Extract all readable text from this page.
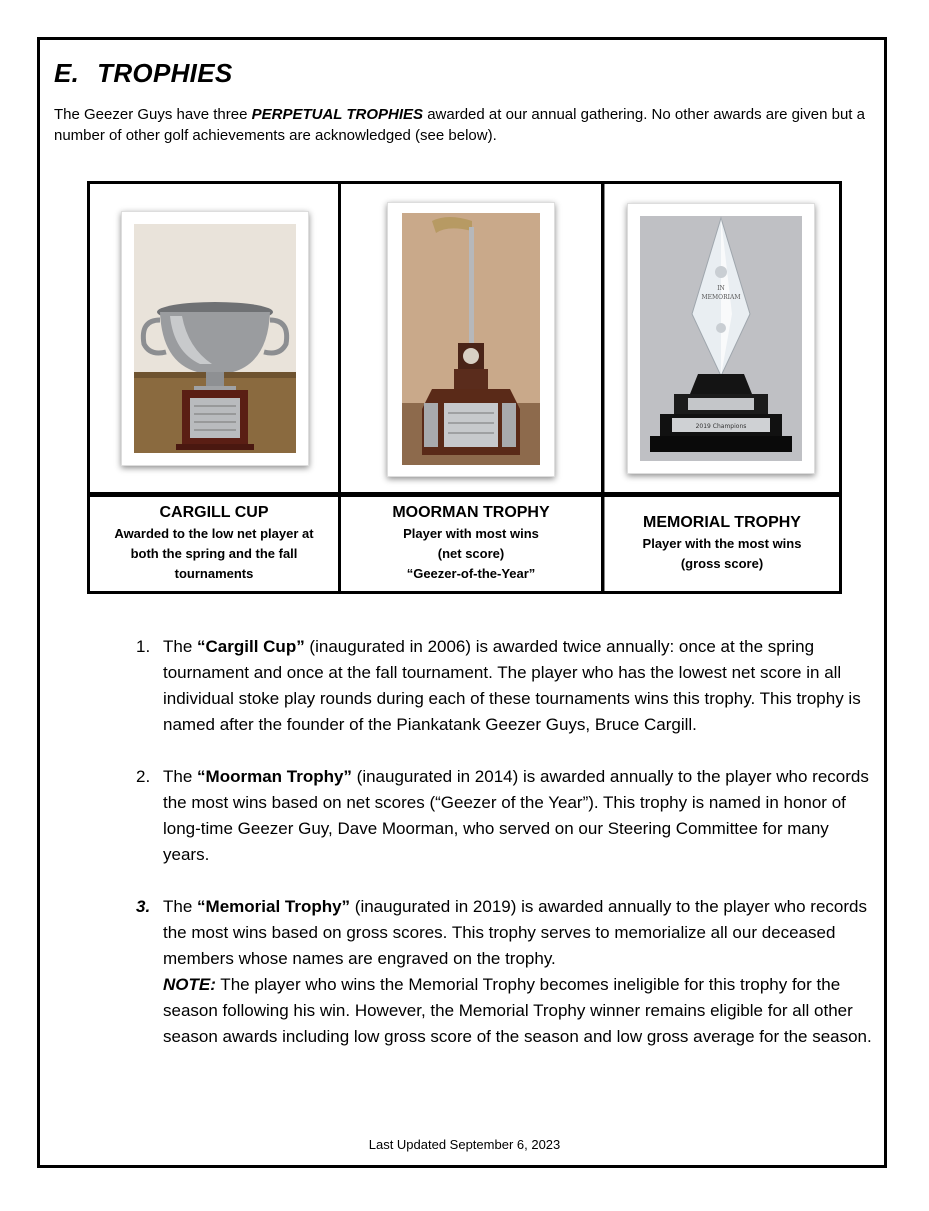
E. TROPHIES

The Geezer Guys have three PERPETUAL TROPHIES awarded at our annual gathering. No other awards are given but a number of other golf achievements are acknowledged (see below).

IN
MEMORIAM
2019 Champions
CARGILL CUP
Awarded to the low net player at
both the spring and the fall
tournaments
MOORMAN TROPHY
Player with most wins
(net score)
“Geezer-of-the-Year”
MEMORIAL TROPHY
Player with the most wins
(gross score)
1. The “Cargill Cup” (inaugurated in 2006) is awarded twice annually: once at the spring tournament and once at the fall tournament. The player who has the lowest net score in all individual stoke play rounds during each of these tournaments wins this trophy. This trophy is named after the founder of the Piankatank Geezer Guys, Bruce Cargill.
2. The “Moorman Trophy” (inaugurated in 2014) is awarded annually to the player who records the most wins based on net scores (“Geezer of the Year”). This trophy is named in honor of long-time Geezer Guy, Dave Moorman, who served on our Steering Committee for many years.
3. The “Memorial Trophy” (inaugurated in 2019) is awarded annually to the player who records the most wins based on gross scores. This trophy serves to memorialize all our deceased members whose names are engraved on the trophy.
NOTE: The player who wins the Memorial Trophy becomes ineligible for this trophy for the season following his win. However, the Memorial Trophy winner remains eligible for all other season awards including low gross score of the season and low gross average for the season.
Last Updated September 6, 2023
